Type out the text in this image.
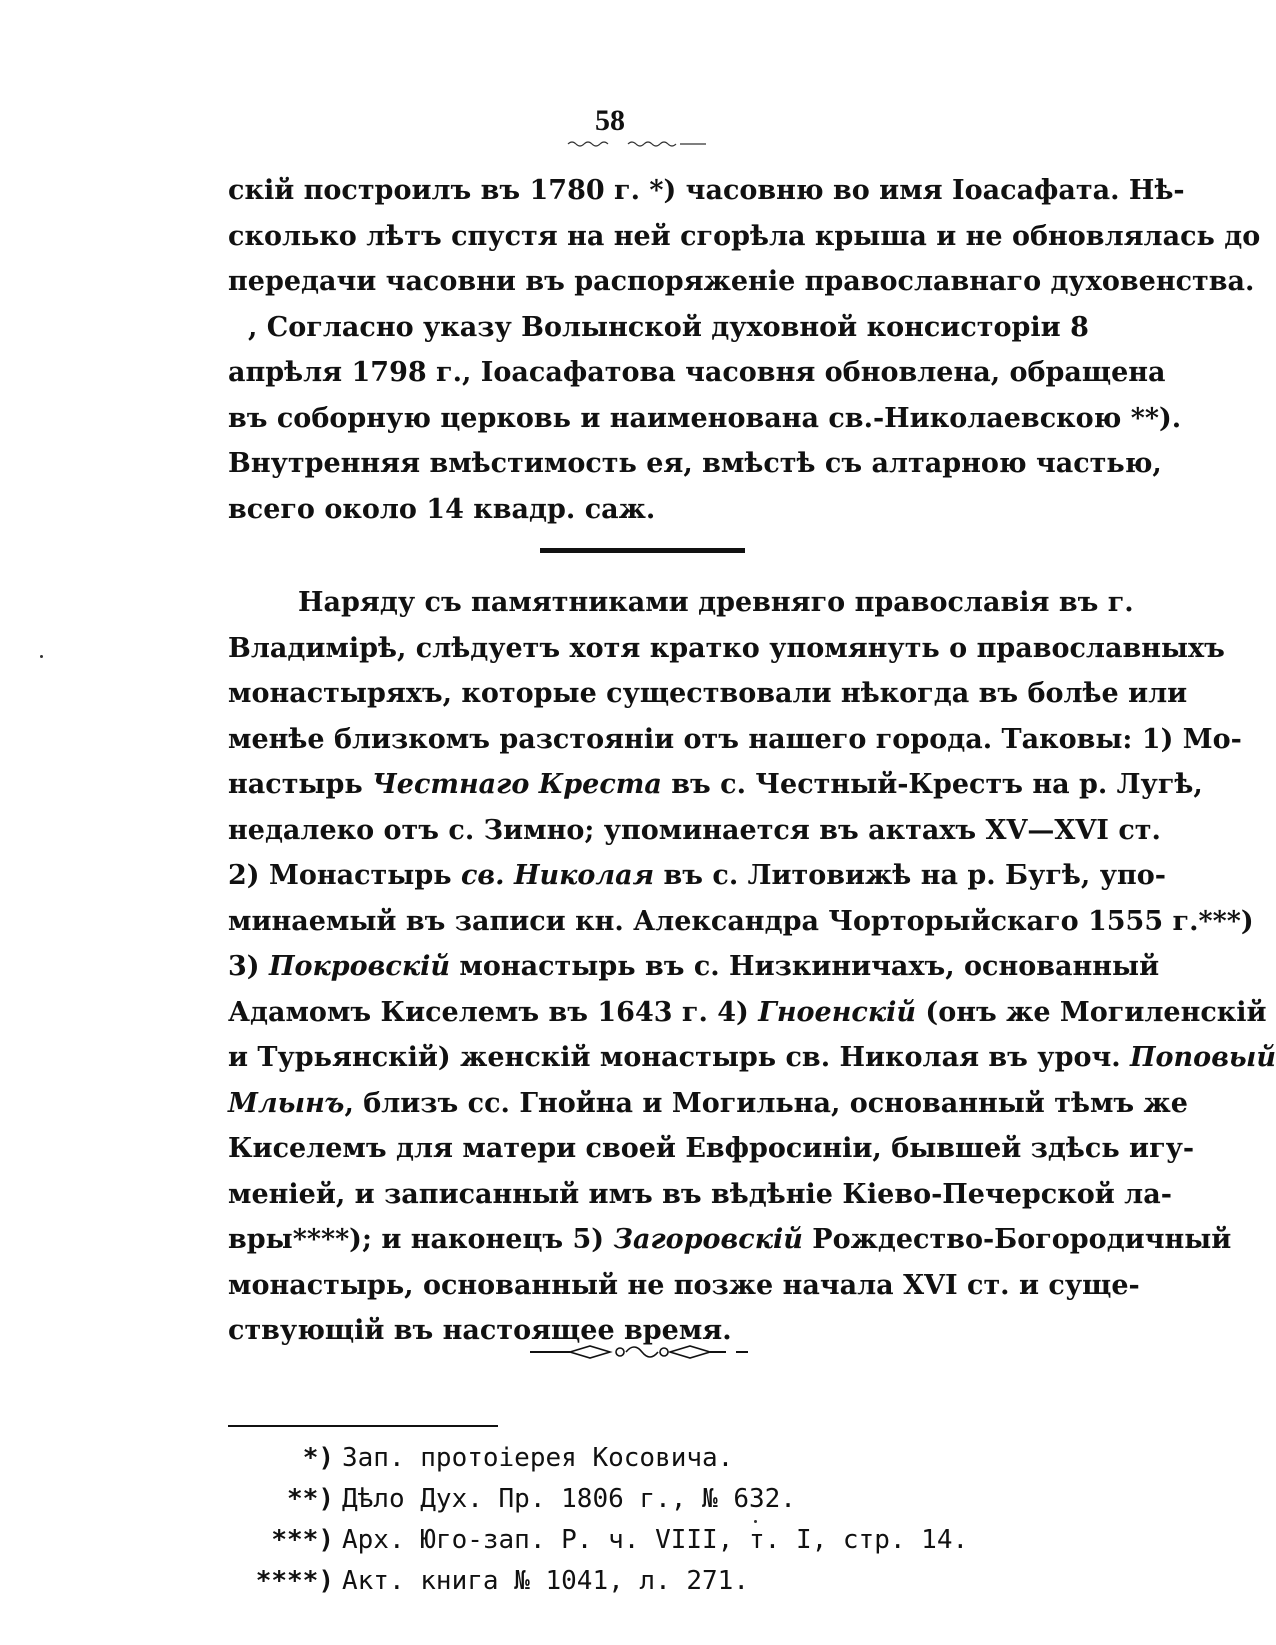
58
скій построилъ въ 1780 г. *) часовню во имя Іоасафата. Нѣ-
сколько лѣтъ спустя на ней сгорѣла крыша и не обновлялась до
передачи часовни въ распоряженіе православнаго духовенства.
, Согласно указу Волынской духовной консисторіи 8
апрѣля 1798 г., Іоасафатова часовня обновлена, обращена
въ соборную церковь и наименована св.-Николаевскою **).
Внутренняя вмѣстимость ея, вмѣстѣ съ алтарною частью,
всего около 14 квадр. саж.
Наряду съ памятниками древняго православія въ г.
Владимірѣ, слѣдуетъ хотя кратко упомянуть о православныхъ
монастыряхъ, которые существовали нѣкогда въ болѣе или
менѣе близкомъ разстояніи отъ нашего города. Таковы: 1) Мо-
настырь Честнаго Креста въ с. Честный-Крестъ на р. Лугѣ,
недалеко отъ с. Зимно; упоминается въ актахъ XV—XVI ст.
2) Монастырь св. Николая въ с. Литовижѣ на р. Бугѣ, упо-
минаемый въ записи кн. Александра Чорторыйскаго 1555 г.***)
3) Покровскій монастырь въ с. Низкиничахъ, основанный
Адамомъ Киселемъ въ 1643 г. 4) Гноенскій (онъ же Могиленскій
и Турьянскій) женскій монастырь св. Николая въ уроч. Поповый
Млынъ, близъ сс. Гнойна и Могильна, основанный тѣмъ же
Киселемъ для матери своей Евфросиніи, бывшей здѣсь игу-
меніей, и записанный имъ въ вѣдѣніе Кіево-Печерской ла-
вры****); и наконецъ 5) Загоровскій Рождество-Богородичный
монастырь, основанный не позже начала XVI ст. и суще-
ствующій въ настоящее время.
*) Зап. протоіерея Косовича.
**) Дѣло Дух. Пр. 1806 г., № 632.
***) Арх. Юго-зап. Р. ч. VIII, т. I, стр. 14.
****) Акт. книга № 1041, л. 271.
